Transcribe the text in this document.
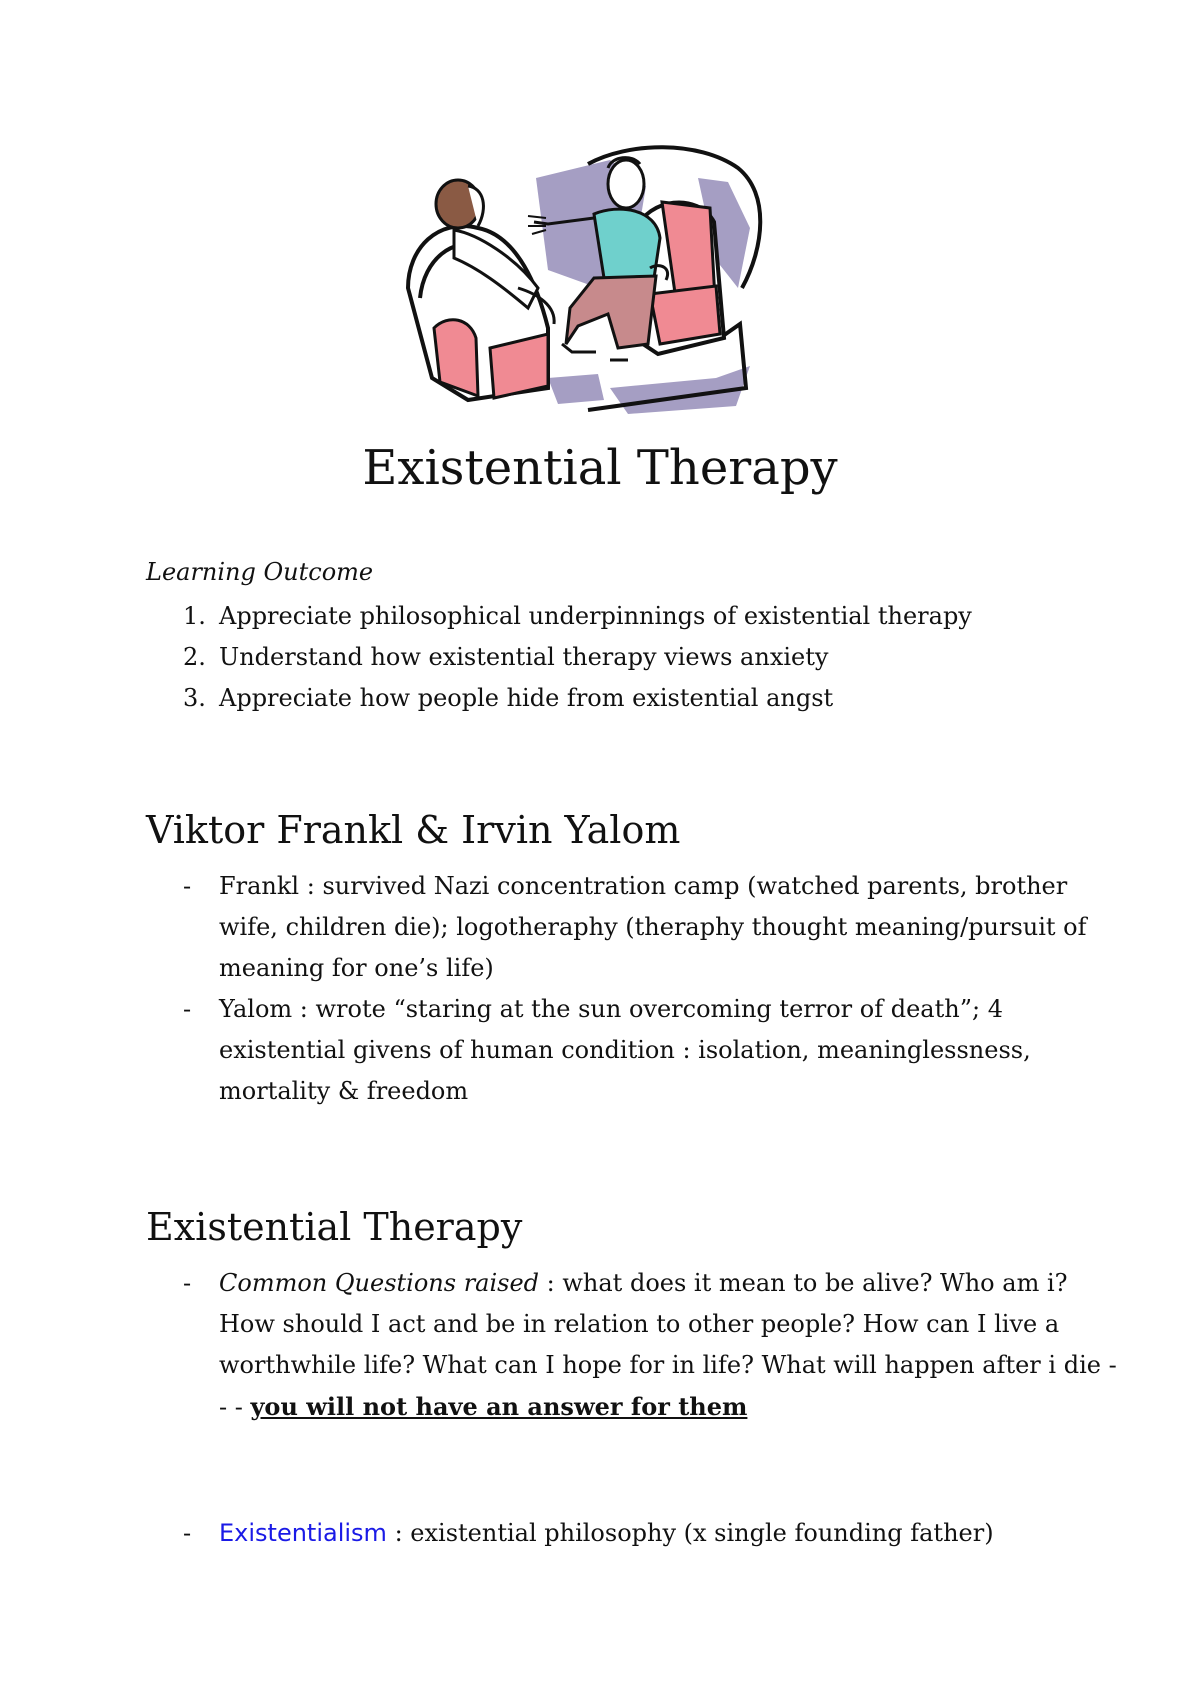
Existential Therapy

Learning Outcome

1. Appreciate philosophical underpinnings of existential therapy
2. Understand how existential therapy views anxiety
3. Appreciate how people hide from existential angst
Viktor Frankl & Irvin Yalom
- Frankl : survived Nazi concentration camp (watched parents, brother wife, children die); logotheraphy (theraphy thought meaning/pursuit of meaning for one’s life)
- Yalom : wrote “staring at the sun overcoming terror of death”; 4 existential givens of human condition : isolation, meaninglessness, mortality & freedom
Existential Therapy
- Common Questions raised : what does it mean to be alive? Who am i? How should I act and be in relation to other people? How can I live a worthwhile life? What can I hope for in life? What will happen after i die - - - you will not have an answer for them
- Existentialism : existential philosophy (x single founding father)
